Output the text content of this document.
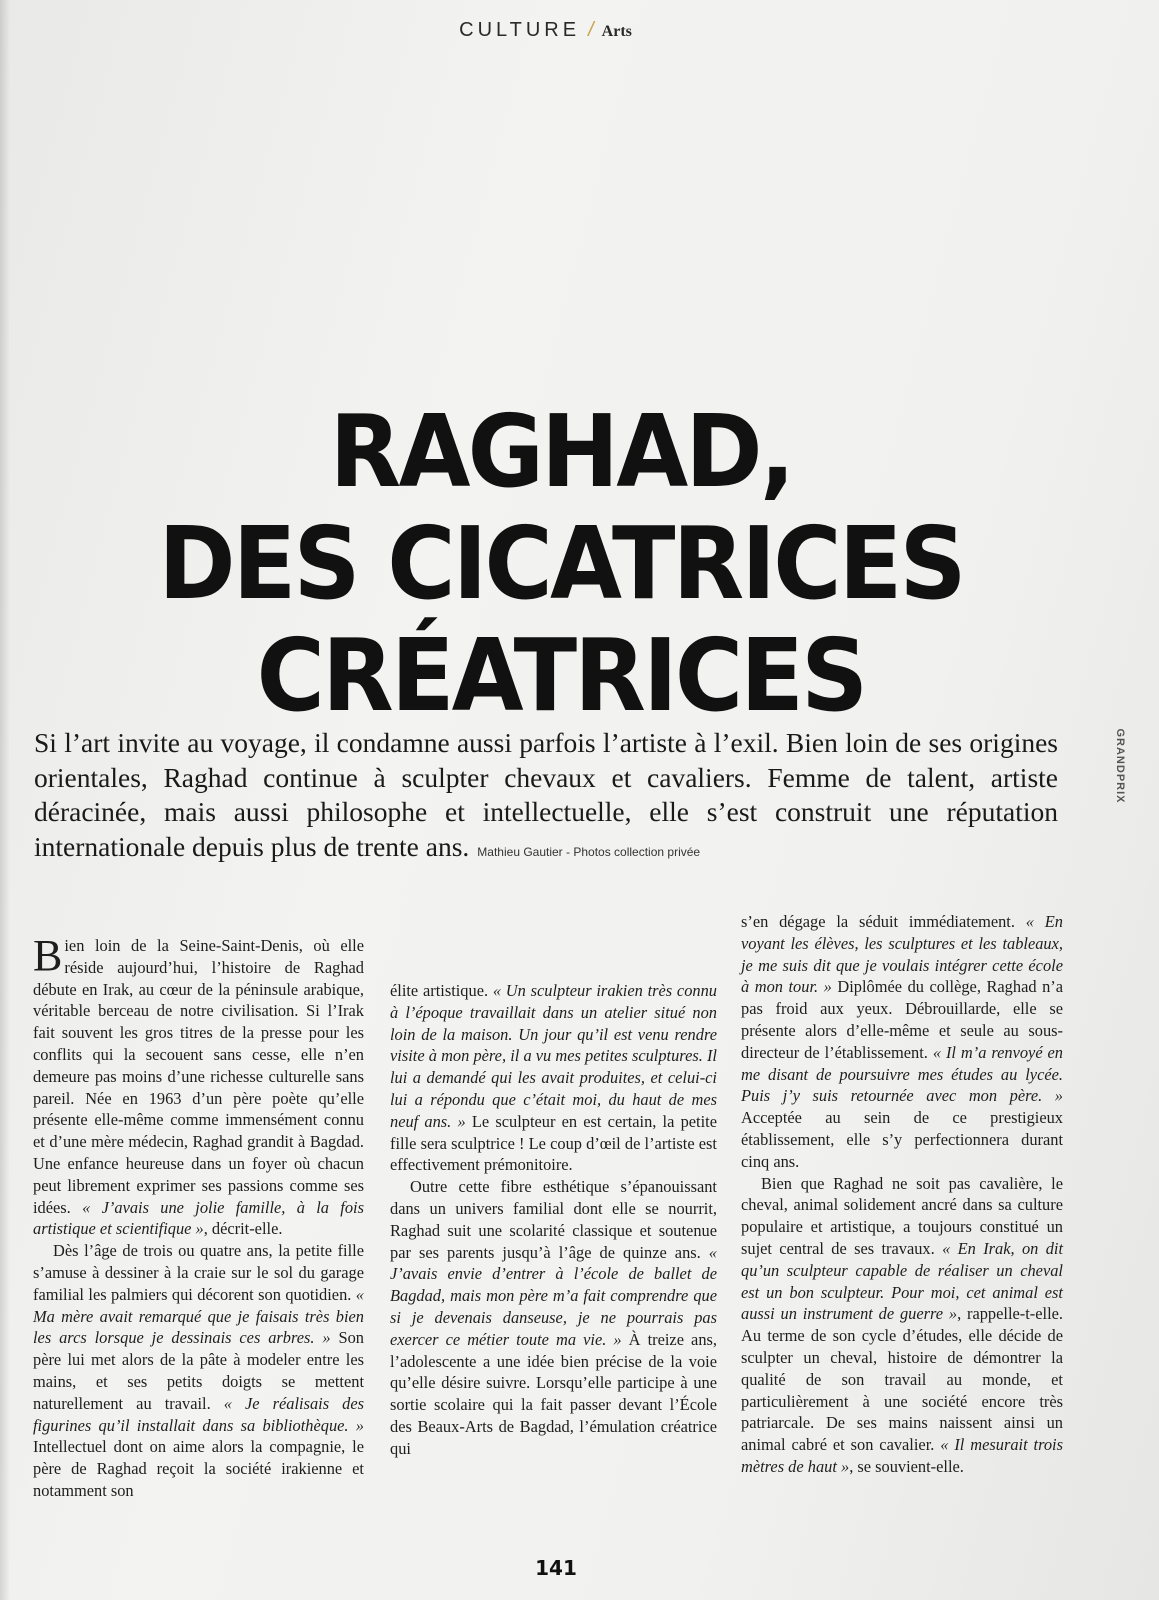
CULTURE / Arts
RAGHAD,
DES CICATRICES
CRÉATRICES
Si l’art invite au voyage, il condamne aussi parfois l’artiste à l’exil. Bien loin de ses origines orientales, Raghad continue à sculpter chevaux et cavaliers. Femme de talent, artiste déracinée, mais aussi philosophe et intellectuelle, elle s’est construit une réputation internationale depuis plus de trente ans. Mathieu Gautier - Photos collection privée
GRANDPRIX

Bien loin de la Seine-Saint-Denis, où elle réside aujourd’hui, l’histoire de Raghad débute en Irak, au cœur de la péninsule arabique, véritable berceau de notre civilisation. Si l’Irak fait souvent les gros titres de la presse pour les conflits qui la secouent sans cesse, elle n’en demeure pas moins d’une richesse culturelle sans pareil. Née en 1963 d’un père poète qu’elle présente elle-même comme immensément connu et d’une mère médecin, Raghad grandit à Bagdad. Une enfance heureuse dans un foyer où chacun peut librement exprimer ses passions comme ses idées. « J’avais une jolie famille, à la fois artistique et scientifique », décrit-elle.

Dès l’âge de trois ou quatre ans, la petite fille s’amuse à dessiner à la craie sur le sol du garage familial les palmiers qui décorent son quotidien. « Ma mère avait remarqué que je faisais très bien les arcs lorsque je dessinais ces arbres. » Son père lui met alors de la pâte à modeler entre les mains, et ses petits doigts se mettent naturellement au travail. « Je réalisais des figurines qu’il installait dans sa bibliothèque. » Intellectuel dont on aime alors la compagnie, le père de Raghad reçoit la société irakienne et notamment son

élite artistique. « Un sculpteur irakien très connu à l’époque travaillait dans un atelier situé non loin de la maison. Un jour qu’il est venu rendre visite à mon père, il a vu mes petites sculptures. Il lui a demandé qui les avait produites, et celui-ci lui a répondu que c’était moi, du haut de mes neuf ans. » Le sculpteur en est certain, la petite fille sera sculptrice ! Le coup d’œil de l’artiste est effectivement prémonitoire.

Outre cette fibre esthétique s’épanouissant dans un univers familial dont elle se nourrit, Raghad suit une scolarité classique et soutenue par ses parents jusqu’à l’âge de quinze ans. « J’avais envie d’entrer à l’école de ballet de Bagdad, mais mon père m’a fait comprendre que si je devenais danseuse, je ne pourrais pas exercer ce métier toute ma vie. » À treize ans, l’adolescente a une idée bien précise de la voie qu’elle désire suivre. Lorsqu’elle participe à une sortie scolaire qui la fait passer devant l’École des Beaux-Arts de Bagdad, l’émulation créatrice qui

s’en dégage la séduit immédiatement. « En voyant les élèves, les sculptures et les tableaux, je me suis dit que je voulais intégrer cette école à mon tour. » Diplômée du collège, Raghad n’a pas froid aux yeux. Débrouillarde, elle se présente alors d’elle-même et seule au sous-directeur de l’établissement. « Il m’a renvoyé en me disant de poursuivre mes études au lycée. Puis j’y suis retournée avec mon père. » Acceptée au sein de ce prestigieux établissement, elle s’y perfectionnera durant cinq ans.

Bien que Raghad ne soit pas cavalière, le cheval, animal solidement ancré dans sa culture populaire et artistique, a toujours constitué un sujet central de ses travaux. « En Irak, on dit qu’un sculpteur capable de réaliser un cheval est un bon sculpteur. Pour moi, cet animal est aussi un instrument de guerre », rappelle-t-elle. Au terme de son cycle d’études, elle décide de sculpter un cheval, histoire de démontrer la qualité de son travail au monde, et particulièrement à une société encore très patriarcale. De ses mains naissent ainsi un animal cabré et son cavalier. « Il mesurait trois mètres de haut », se souvient-elle.

141
